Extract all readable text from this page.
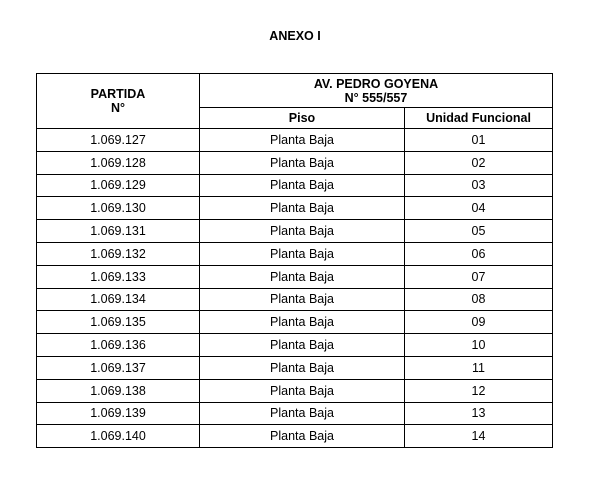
ANEXO I
PARTIDA
N°	AV. PEDRO GOYENA
N° 555/557	
	Piso	Unidad Funcional
1.069.127	Planta Baja	01
1.069.128	Planta Baja	02
1.069.129	Planta Baja	03
1.069.130	Planta Baja	04
1.069.131	Planta Baja	05
1.069.132	Planta Baja	06
1.069.133	Planta Baja	07
1.069.134	Planta Baja	08
1.069.135	Planta Baja	09
1.069.136	Planta Baja	10
1.069.137	Planta Baja	11
1.069.138	Planta Baja	12
1.069.139	Planta Baja	13
1.069.140	Planta Baja	14
